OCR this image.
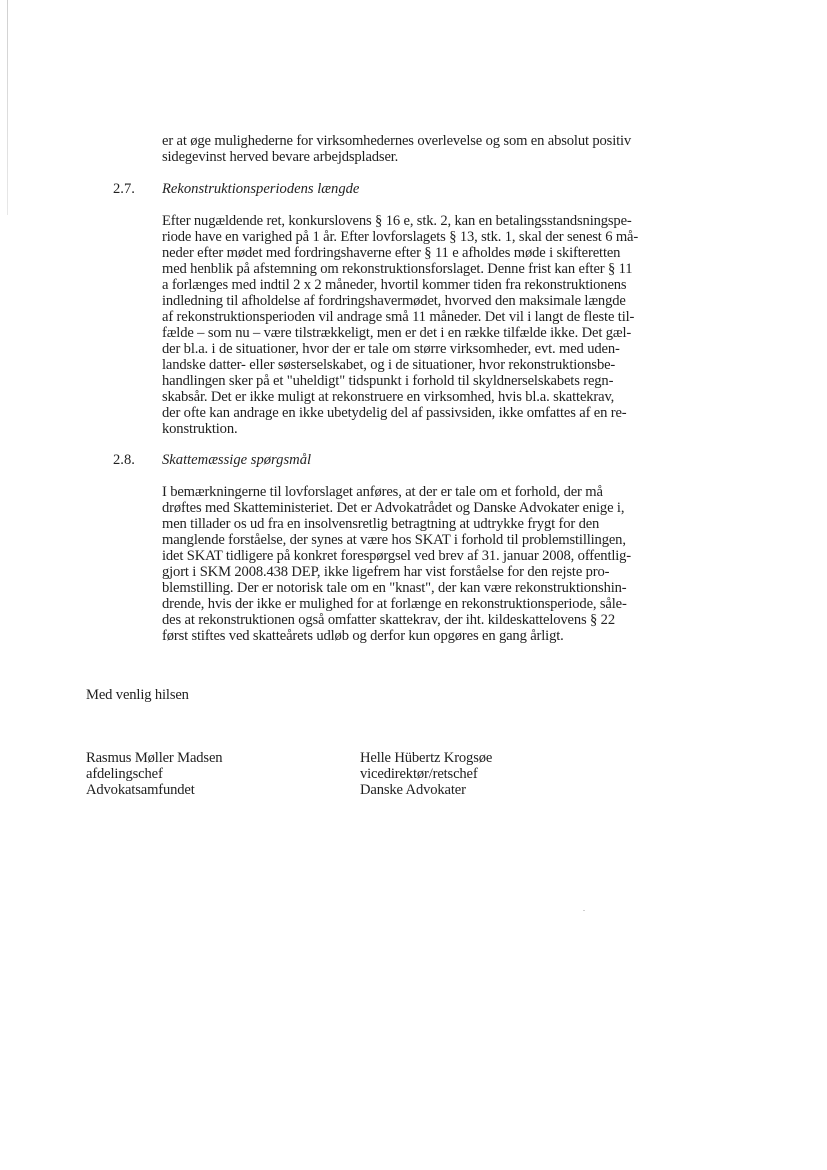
er at øge mulighederne for virksomhedernes overlevelse og som en absolut positiv
sidegevinst herved bevare arbejdspladser.
2.7. Rekonstruktionsperiodens længde
Efter nugældende ret, konkurslovens § 16 e, stk. 2, kan en betalingsstandsningspe-
riode have en varighed på 1 år. Efter lovforslagets § 13, stk. 1, skal der senest 6 må-
neder efter mødet med fordringshaverne efter § 11 e afholdes møde i skifteretten
med henblik på afstemning om rekonstruktionsforslaget. Denne frist kan efter § 11
a forlænges med indtil 2 x 2 måneder, hvortil kommer tiden fra rekonstruktionens
indledning til afholdelse af fordringshavermødet, hvorved den maksimale længde
af rekonstruktionsperioden vil andrage små 11 måneder. Det vil i langt de fleste til-
fælde – som nu – være tilstrækkeligt, men er det i en række tilfælde ikke. Det gæl-
der bl.a. i de situationer, hvor der er tale om større virksomheder, evt. med uden-
landske datter- eller søsterselskabet, og i de situationer, hvor rekonstruktionsbe-
handlingen sker på et "uheldigt" tidspunkt i forhold til skyldnerselskabets regn-
skabsår. Det er ikke muligt at rekonstruere en virksomhed, hvis bl.a. skattekrav,
der ofte kan andrage en ikke ubetydelig del af passivsiden, ikke omfattes af en re-
konstruktion.
2.8. Skattemæssige spørgsmål
I bemærkningerne til lovforslaget anføres, at der er tale om et forhold, der må
drøftes med Skatteministeriet. Det er Advokatrådet og Danske Advokater enige i,
men tillader os ud fra en insolvensretlig betragtning at udtrykke frygt for den
manglende forståelse, der synes at være hos SKAT i forhold til problemstillingen,
idet SKAT tidligere på konkret forespørgsel ved brev af 31. januar 2008, offentlig-
gjort i SKM 2008.438 DEP, ikke ligefrem har vist forståelse for den rejste pro-
blemstilling. Der er notorisk tale om en "knast", der kan være rekonstruktionshin-
drende, hvis der ikke er mulighed for at forlænge en rekonstruktionsperiode, såle-
des at rekonstruktionen også omfatter skattekrav, der iht. kildeskattelovens § 22
først stiftes ved skatteårets udløb og derfor kun opgøres en gang årligt.
Med venlig hilsen
Rasmus Møller Madsen
afdelingschef
Advokatsamfundet
Helle Hübertz Krogsøe
vicedirektør/retschef
Danske Advokater
